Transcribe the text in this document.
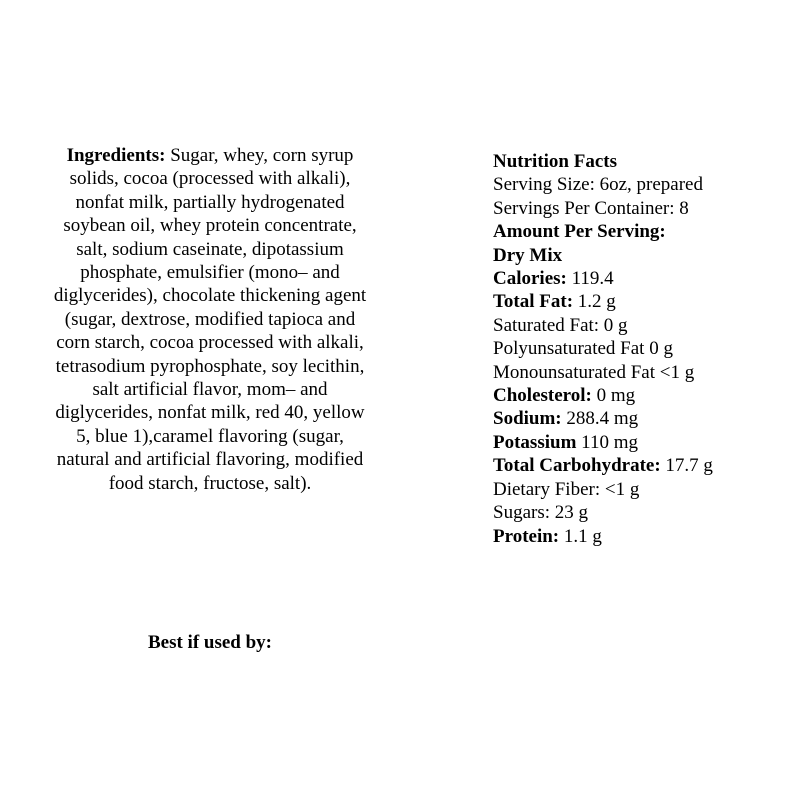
Ingredients: Sugar, whey, corn syrup solids, cocoa (processed with alkali), nonfat milk, partially hydrogenated soybean oil, whey protein concentrate, salt, sodium caseinate, dipotassium phosphate, emulsifier (mono– and diglycerides), chocolate thickening agent (sugar, dextrose, modified tapioca and corn starch, cocoa processed with alkali, tetrasodium pyrophosphate, soy lecithin, salt artificial flavor, mom– and diglycerides, nonfat milk, red 40, yellow 5, blue 1),caramel flavoring (sugar, natural and artificial flavoring, modified food starch, fructose, salt).
Best if used by:
Nutrition Facts
Serving Size: 6oz, prepared
Servings Per Container: 8
Amount Per Serving:
Dry Mix
Calories: 119.4
Total Fat: 1.2 g
Saturated Fat: 0 g
Polyunsaturated Fat 0 g
Monounsaturated Fat <1 g
Cholesterol: 0 mg
Sodium: 288.4 mg
Potassium 110 mg
Total Carbohydrate: 17.7 g
Dietary Fiber: <1 g
Sugars: 23 g
Protein: 1.1 g
